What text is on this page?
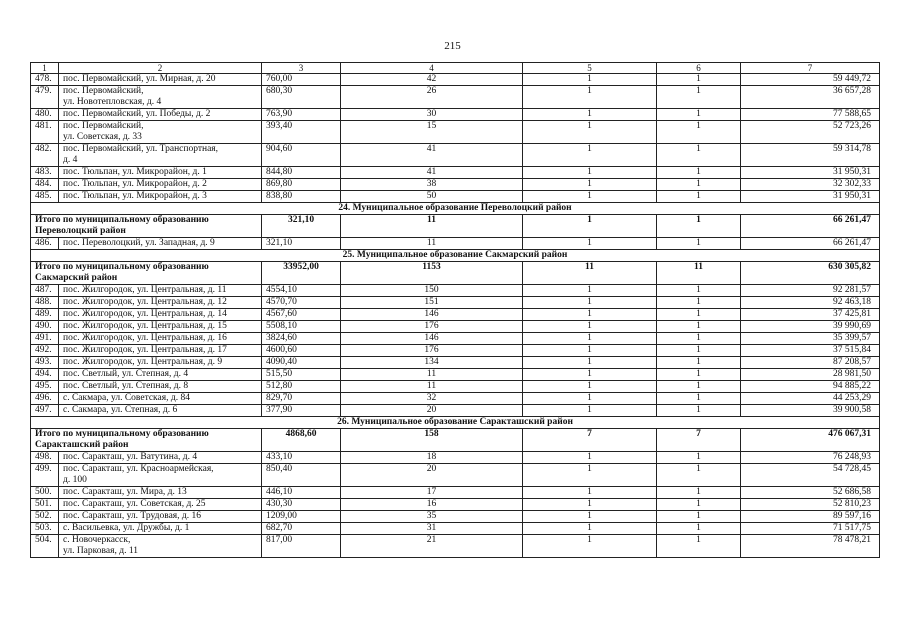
215
1	2	3	4	5	6	7
478.	пос. Первомайский, ул. Мирная, д. 20	760,00	42	1	1	59 449,72
479.	пос. Первомайский,
ул. Новотепловская, д. 4	680,30	26	1	1	36 657,28
480.	пос. Первомайский, ул. Победы, д. 2	763,90	30	1	1	77 588,65
481.	пос. Первомайский,
ул. Советская, д. 33	393,40	15	1	1	52 723,26
482.	пос. Первомайский, ул. Транспортная,
д. 4	904,60	41	1	1	59 314,78
483.	пос. Тюльпан, ул. Микрорайон, д. 1	844,80	41	1	1	31 950,31
484.	пос. Тюльпан, ул. Микрорайон, д. 2	869,80	38	1	1	32 302,33
485.	пос. Тюльпан, ул. Микрорайон, д. 3	838,80	50	1	1	31 950,31
24. Муниципальное образование Переволоцкий район						
Итого по муниципальному образованию
Переволоцкий район		321,10	11	1	1	66 261,47
486.	пос. Переволоцкий, ул. Западная, д. 9	321,10	11	1	1	66 261,47
25. Муниципальное образование Сакмарский район						
Итого по муниципальному образованию
Сакмарский район		33952,00	1153	11	11	630 305,82
487.	пос. Жилгородок, ул. Центральная, д. 11	4554,10	150	1	1	92 281,57
488.	пос. Жилгородок, ул. Центральная, д. 12	4570,70	151	1	1	92 463,18
489.	пос. Жилгородок, ул. Центральная, д. 14	4567,60	146	1	1	37 425,81
490.	пос. Жилгородок, ул. Центральная, д. 15	5508,10	176	1	1	39 990,69
491.	пос. Жилгородок, ул. Центральная, д. 16	3824,60	146	1	1	35 399,57
492.	пос. Жилгородок, ул. Центральная, д. 17	4600,60	176	1	1	37 515,84
493.	пос. Жилгородок, ул. Центральная, д. 9	4090,40	134	1	1	87 208,57
494.	пос. Светлый, ул. Степная, д. 4	515,50	11	1	1	28 981,50
495.	пос. Светлый, ул. Степная, д. 8	512,80	11	1	1	94 885,22
496.	с. Сакмара, ул. Советская, д. 84	829,70	32	1	1	44 253,29
497.	с. Сакмара, ул. Степная, д. 6	377,90	20	1	1	39 900,58
26. Муниципальное образование Саракташский район						
Итого по муниципальному образованию
Саракташский район		4868,60	158	7	7	476 067,31
498.	пос. Саракташ, ул. Ватутина, д. 4	433,10	18	1	1	76 248,93
499.	пос. Саракташ, ул. Красноармейская,
д. 100	850,40	20	1	1	54 728,45
500.	пос. Саракташ, ул. Мира, д. 13	446,10	17	1	1	52 686,58
501.	пос. Саракташ, ул. Советская, д. 25	430,30	16	1	1	52 810,23
502.	пос. Саракташ, ул. Трудовая, д. 16	1209,00	35	1	1	89 597,16
503.	с. Васильевка, ул. Дружбы, д. 1	682,70	31	1	1	71 517,75
504.	с. Новочеркасск,
ул. Парковая, д. 11	817,00	21	1	1	78 478,21
